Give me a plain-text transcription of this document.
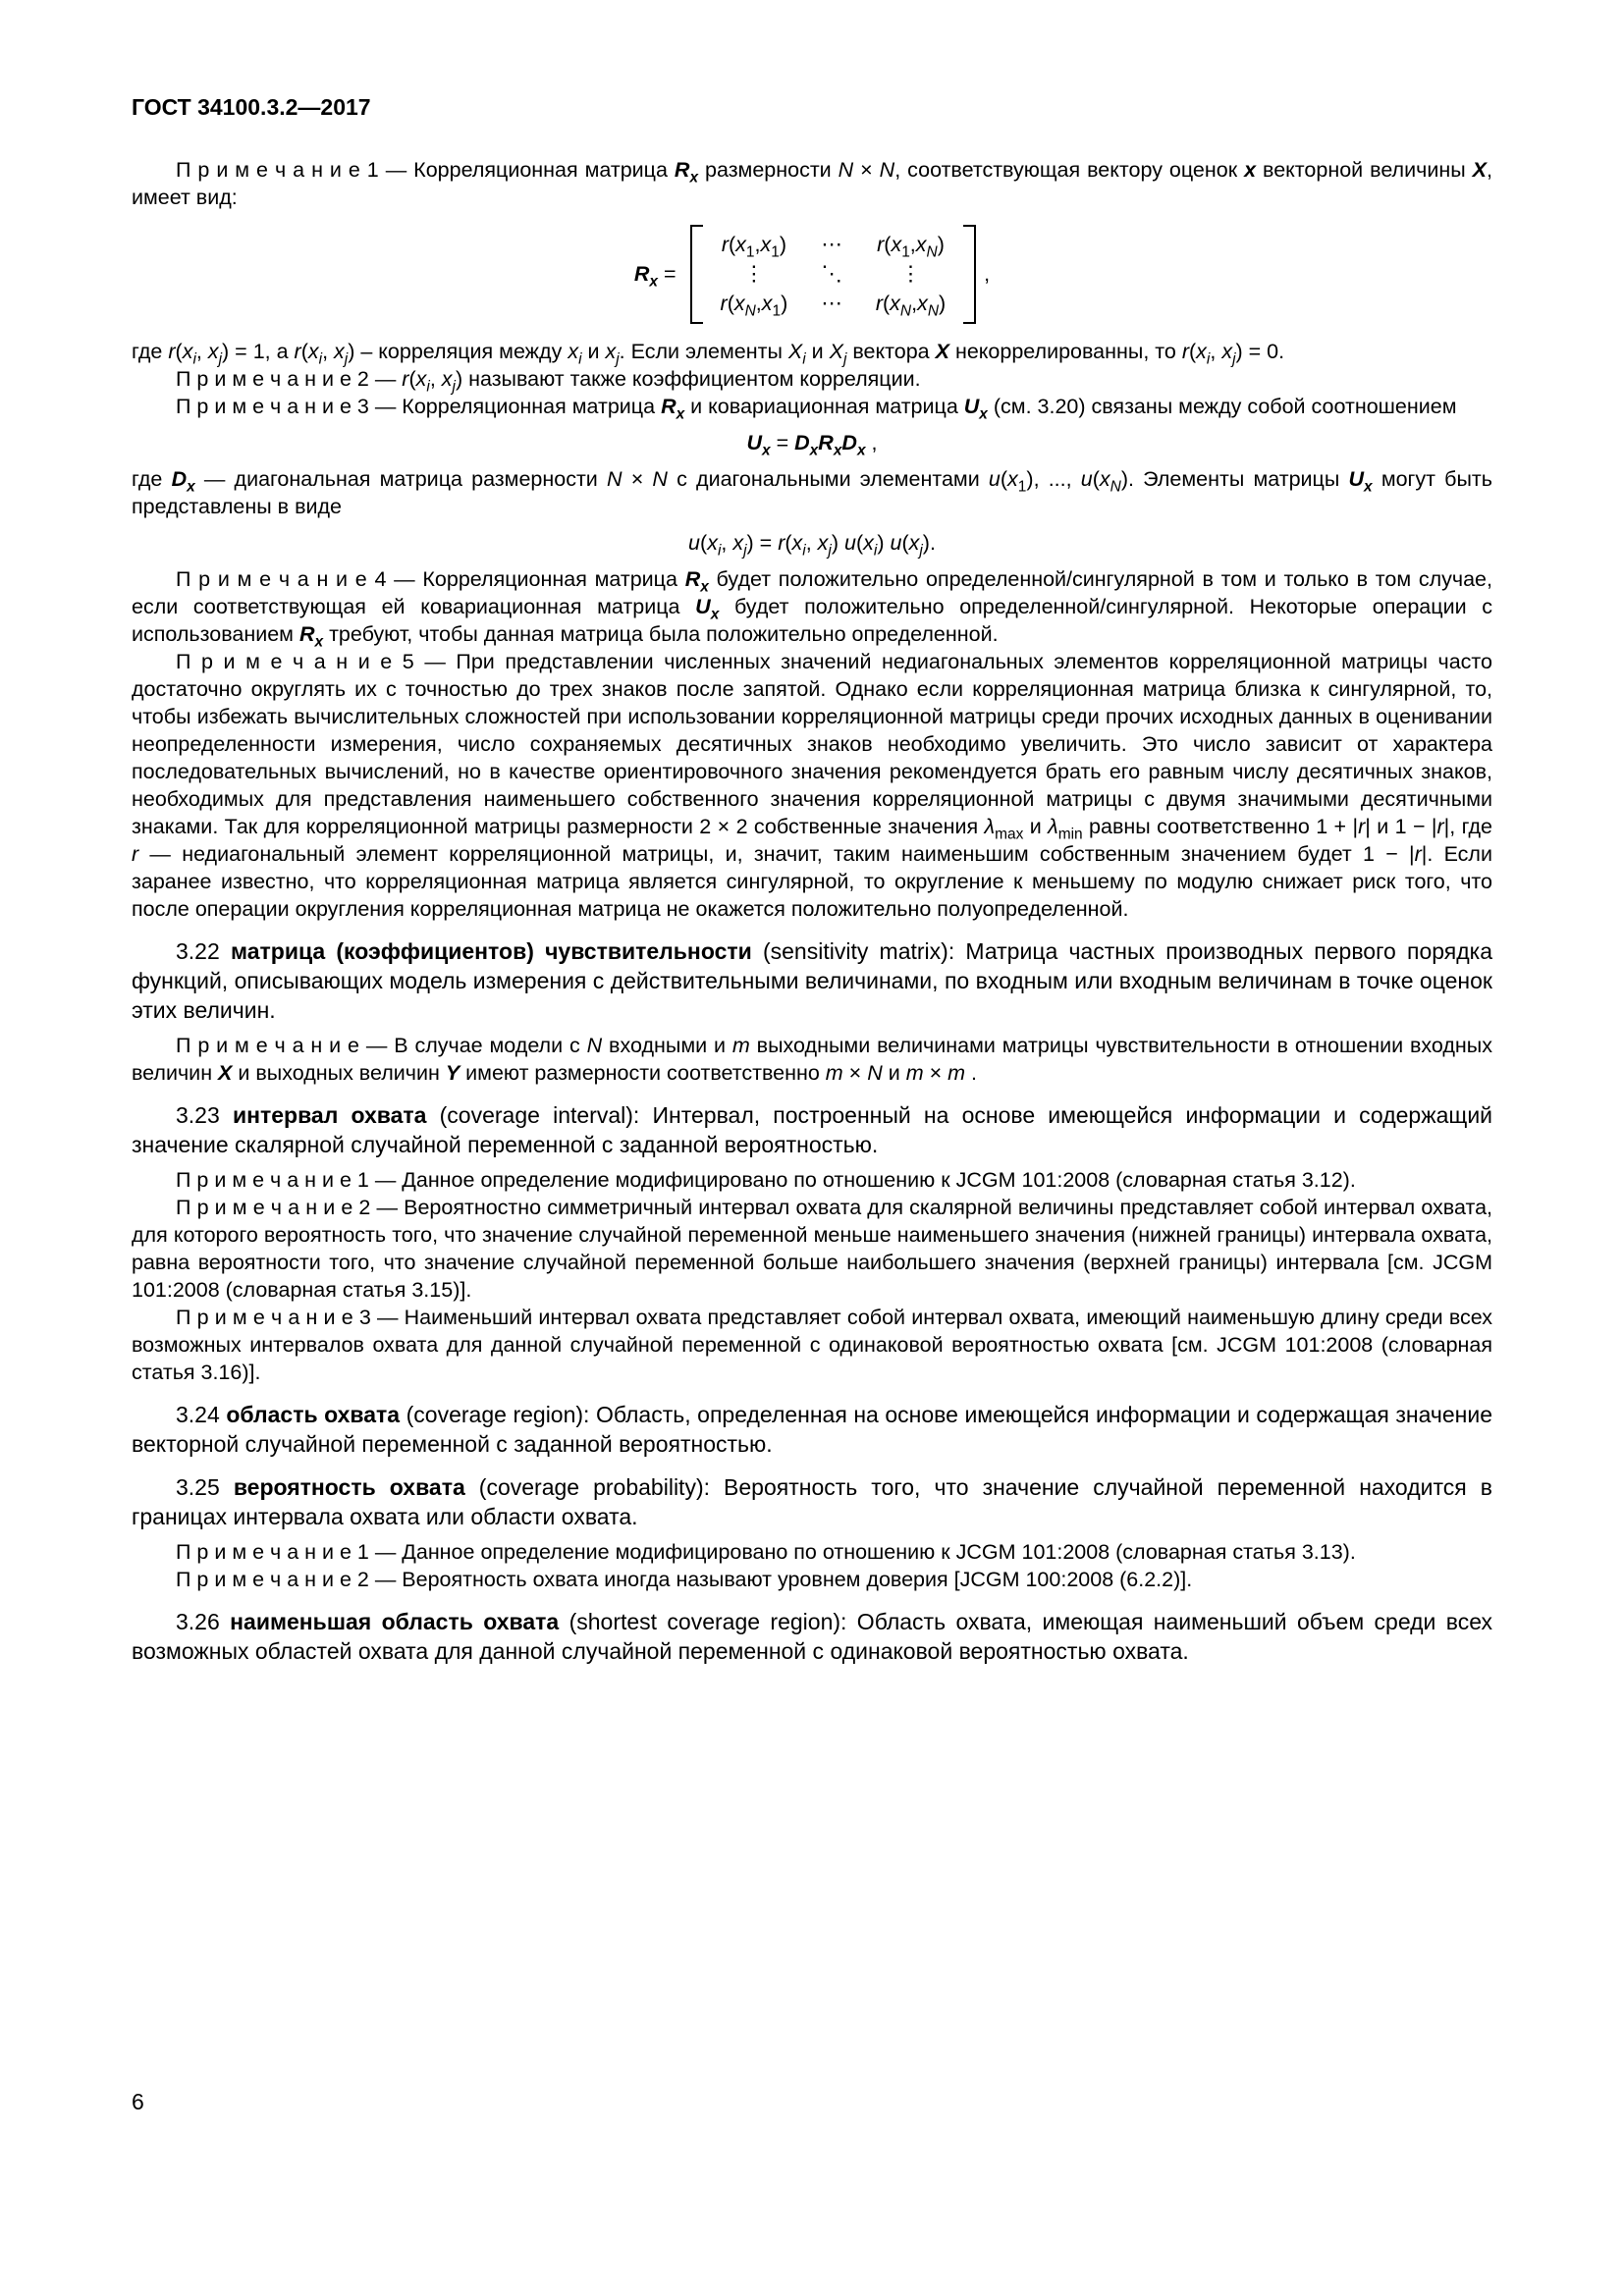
ГОСТ 34100.3.2—2017

П р и м е ч а н и е 1 — Корреляционная матрица $R_x$ размерности N × N, соответствующая вектору оценок x векторной величины X, имеет вид:

$R_x$ =
$r(x_1,x_1)$ ⋯ $r(x_1,x_N)$
⋮	⋱	⋮
$r(x_N,x_1)$ ⋯ $r(x_N,x_N)$
,

где $r(x_i$, $x_j) = 1$, а $r(x_i$, $x_j$) – корреляция между $x_i$ и $x_j$. Если элементы $X_i$ и $X_j$ вектора X некоррелированны, то $r(x_i$, $x_j) = 0$.

П р и м е ч а н и е 2 — $r(x_i$, $x_j$) называют также коэффициентом корреляции.

П р и м е ч а н и е 3 — Корреляционная матрица $R_x$ и ковариационная матрица $U_x$ (см. 3.20) связаны между собой соотношением

$U_x = D_xR_xD_x$ ,

где $D_x$ — диагональная матрица размерности N × N с диагональными элементами $u(x_1)$, ..., $u(x_N)$. Элементы матрицы $U_x$ могут быть представлены в виде

$u(x_i$, $x_j) = r(x_i$, $x_j$) $u(x_i)$ $u(x_j)$.

П р и м е ч а н и е 4 — Корреляционная матрица $R_x$ будет положительно определенной/сингулярной в том и только в том случае, если соответствующая ей ковариационная матрица $U_x$ будет положительно определенной/сингулярной. Некоторые операции с использованием $R_x$ требуют, чтобы данная матрица была положительно определенной.

П р и м е ч а н и е 5 — При представлении численных значений недиагональных элементов корреляционной матрицы часто достаточно округлять их с точностью до трех знаков после запятой. Однако если корреляционная матрица близка к сингулярной, то, чтобы избежать вычислительных сложностей при использовании корреляционной матрицы среди прочих исходных данных в оценивании неопределенности измерения, число сохраняемых десятичных знаков необходимо увеличить. Это число зависит от характера последовательных вычислений, но в качестве ориентировочного значения рекомендуется брать его равным числу десятичных знаков, необходимых для представления наименьшего собственного значения корреляционной матрицы с двумя значимыми десятичными знаками. Так для корреляционной матрицы размерности 2 × 2 собственные значения $\lambda_{max}$ и $\lambda_{min}$ равны соответственно 1 + |r| и 1 − |r|, где r — недиагональный элемент корреляционной матрицы, и, значит, таким наименьшим собственным значением будет 1 − |r|. Если заранее известно, что корреляционная матрица является сингулярной, то округление к меньшему по модулю снижает риск того, что после операции округления корреляционная матрица не окажется положительно полуопределенной.

3.22 матрица (коэффициентов) чувствительности (sensitivity matrix): Матрица частных производных первого порядка функций, описывающих модель измерения с действительными величинами, по входным или входным величинам в точке оценок этих величин.

П р и м е ч а н и е — В случае модели с N входными и m выходными величинами матрицы чувствительности в отношении входных величин X и выходных величин Y имеют размерности соответственно m × N и m × m .

3.23 интервал охвата (coverage interval): Интервал, построенный на основе имеющейся информации и содержащий значение скалярной случайной переменной с заданной вероятностью.

П р и м е ч а н и е 1 — Данное определение модифицировано по отношению к JCGM 101:2008 (словарная статья 3.12).

П р и м е ч а н и е 2 — Вероятностно симметричный интервал охвата для скалярной величины представляет собой интервал охвата, для которого вероятность того, что значение случайной переменной меньше наименьшего значения (нижней границы) интервала охвата, равна вероятности того, что значение случайной переменной больше наибольшего значения (верхней границы) интервала [см. JCGM 101:2008 (словарная статья 3.15)].

П р и м е ч а н и е 3 — Наименьший интервал охвата представляет собой интервал охвата, имеющий наименьшую длину среди всех возможных интервалов охвата для данной случайной переменной с одинаковой вероятностью охвата [см. JCGM 101:2008 (словарная статья 3.16)].

3.24 область охвата (coverage region): Область, определенная на основе имеющейся информации и содержащая значение векторной случайной переменной с заданной вероятностью.

3.25 вероятность охвата (coverage probability): Вероятность того, что значение случайной переменной находится в границах интервала охвата или области охвата.

П р и м е ч а н и е 1 — Данное определение модифицировано по отношению к JCGM 101:2008 (словарная статья 3.13).

П р и м е ч а н и е 2 — Вероятность охвата иногда называют уровнем доверия [JCGM 100:2008 (6.2.2)].

3.26 наименьшая область охвата (shortest coverage region): Область охвата, имеющая наименьший объем среди всех возможных областей охвата для данной случайной переменной с одинаковой вероятностью охвата.

6
